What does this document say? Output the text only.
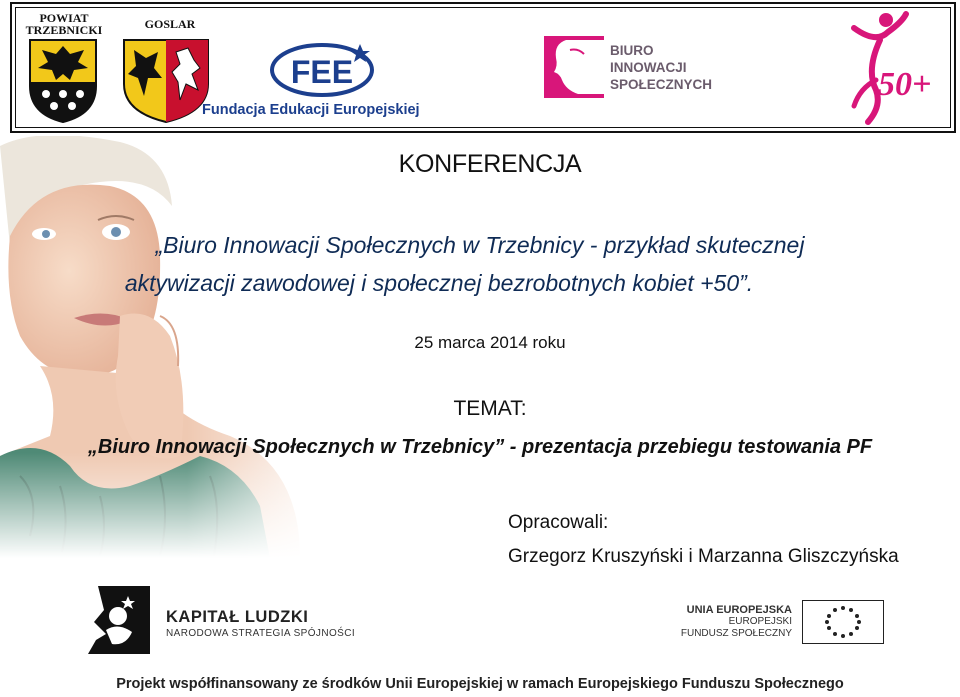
POWIAT TRZEBNICKI	GOSLAR
FEE
Fundacja Edukacji Europejskiej
BIURO INNOWACJI SPOŁECZNYCH	50+
KONFERENCJA
„Biuro Innowacji Społecznych w Trzebnicy - przykład skutecznej
aktywizacji zawodowej i społecznej bezrobotnych kobiet +50”.
25 marca 2014 roku
TEMAT:
„Biuro Innowacji Społecznych w Trzebnicy” - prezentacja przebiegu testowania PF
Opracowali:
Grzegorz Kruszyński i Marzanna Gliszczyńska
KAPITAŁ LUDZKI
NARODOWA STRATEGIA SPÓJNOŚCI
UNIA EUROPEJSKA
EUROPEJSKI
FUNDUSZ SPOŁECZNY
Projekt współfinansowany ze środków Unii Europejskiej w ramach Europejskiego Funduszu Społecznego
